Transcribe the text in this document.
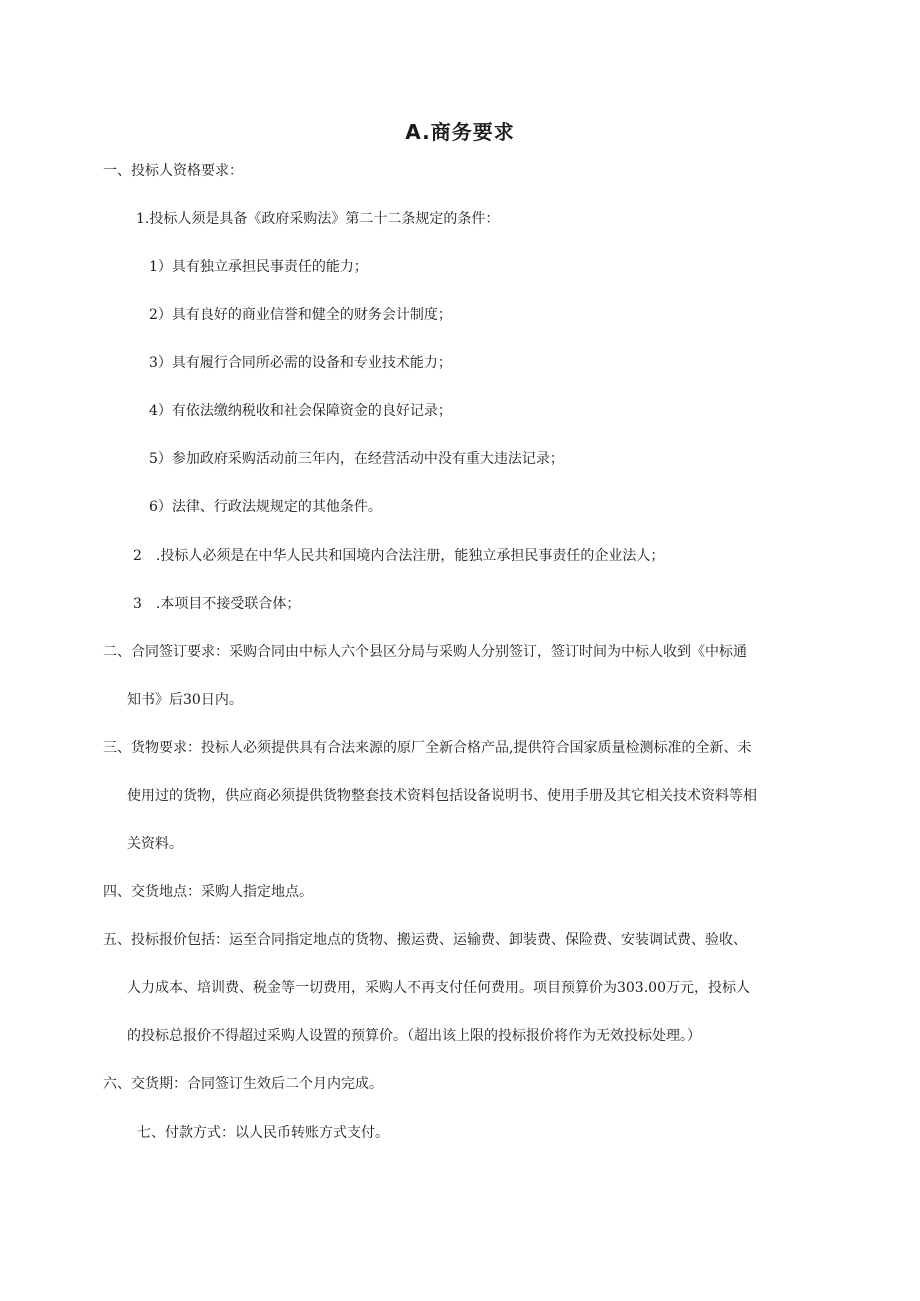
A.商务要求
一、投标人资格要求：
1.投标人须是具备《政府采购法》第二十二条规定的条件：
1）具有独立承担民事责任的能力；
2）具有良好的商业信誉和健全的财务会计制度；
3）具有履行合同所必需的设备和专业技术能力；
4）有依法缴纳税收和社会保障资金的良好记录；
5）参加政府采购活动前三年内，在经营活动中没有重大违法记录；
6）法律、行政法规规定的其他条件。
2　.投标人必须是在中华人民共和国境内合法注册，能独立承担民事责任的企业法人；
3　.本项目不接受联合体；
二、合同签订要求：采购合同由中标人六个县区分局与采购人分别签订，签订时间为中标人收到《中标通
知书》后30日内。
三、货物要求：投标人必须提供具有合法来源的原厂全新合格产品,提供符合国家质量检测标准的全新、未
使用过的货物，供应商必须提供货物整套技术资料包括设备说明书、使用手册及其它相关技术资料等相
关资料。
四、交货地点：采购人指定地点。
五、投标报价包括：运至合同指定地点的货物、搬运费、运输费、卸装费、保险费、安装调试费、验收、
人力成本、培训费、税金等一切费用，采购人不再支付任何费用。项目预算价为303.00万元，投标人
的投标总报价不得超过采购人设置的预算价。（超出该上限的投标报价将作为无效投标处理。）
六、交货期：合同签订生效后二个月内完成。
七、付款方式：以人民币转账方式支付。
